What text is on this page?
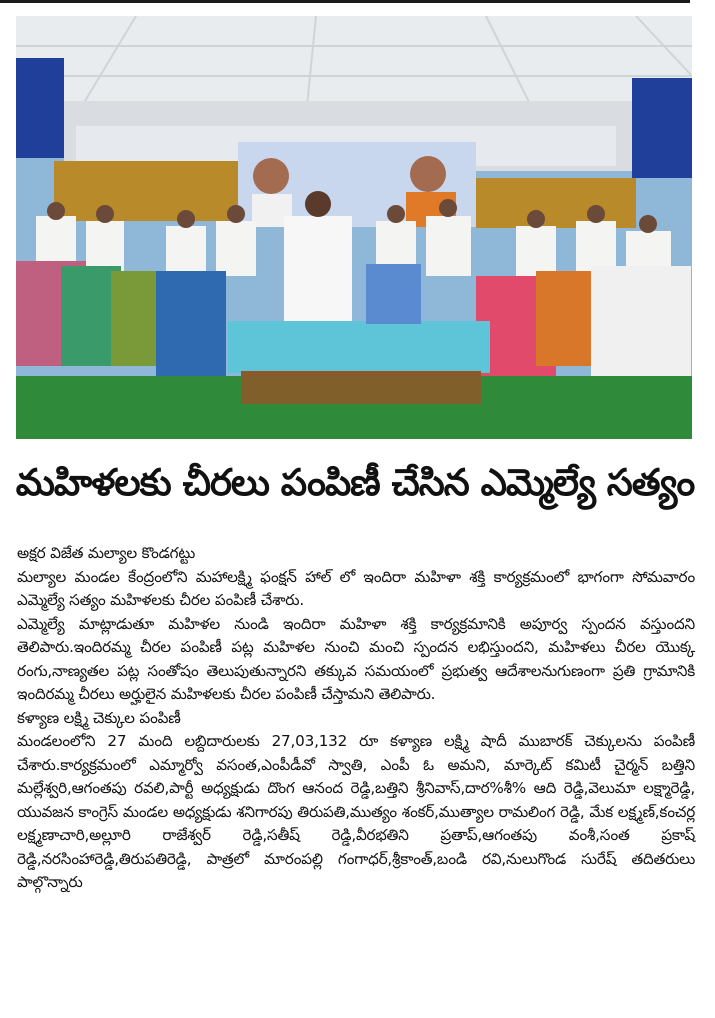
మహిళలకు చీరలు పంపిణీ చేసిన ఎమ్మెల్యే సత్యం

అక్షర విజేత మల్యాల కొండగట్టు

మల్యాల మండల కేంద్రంలోని మహాలక్ష్మి ఫంక్షన్ హాల్ లో ఇందిరా మహిళా శక్తి కార్యక్రమంలో భాగంగా సోమవారం ఎమ్మెల్యే సత్యం మహిళలకు చీరల పంపిణీ చేశారు.

ఎమ్మెల్యే మాట్లాడుతూ మహిళల నుండి ఇందిరా మహిళా శక్తి కార్యక్రమానికి అపూర్వ స్పందన వస్తుందని తెలిపారు.ఇందిరమ్మ చీరల పంపిణీ పట్ల మహిళల నుంచి మంచి స్పందన లభిస్తుందని, మహిళలు చీరల యొక్క రంగు,నాణ్యతల పట్ల సంతోషం తెలుపుతున్నారని తక్కువ సమయంలో ప్రభుత్వ ఆదేశాలనుగుణంగా ప్రతి గ్రామానికి ఇందిరమ్మ చీరలు అర్హులైన మహిళలకు చీరల పంపిణీ చేస్తామని తెలిపారు.

కళ్యాణ లక్ష్మి చెక్కుల పంపిణీ

మండలంలోని 27 మంది లబ్దిదారులకు 27,03,132 రూ కళ్యాణ లక్ష్మి షాదీ ముబారక్ చెక్కులను పంపిణీ చేశారు.కార్యక్రమంలో ఎమ్మార్వో వసంత,ఎంపీడీవో స్వాతి, ఎంపీ ఓ అమని, మార్కెట్ కమిటీ చైర్మన్ బత్తిని మల్లేశ్వరి,ఆగంతపు రవలి,పార్టీ అధ్యక్షుడు దొంగ ఆనంద రెడ్డి,బత్తిని శ్రీనివాస్,దార%శీ% ఆది రెడ్డి,వెలుమా లక్ష్మారెడ్డి, యువజన కాంగ్రెస్ మండల అధ్యక్షుడు శనిగారపు తిరుపతి,ముత్యం శంకర్,ముత్యాల రామలింగ రెడ్డి, మేక లక్ష్మణ్,కంచర్ల లక్ష్మణాచారి,అల్లూరి రాజేశ్వర్ రెడ్డి,సతీష్ రెడ్డి,వీరభతిని ప్రతాప్,ఆగంతపు వంశీ,సంత ప్రకాష్ రెడ్డి,నరసింహారెడ్డి,తిరుపతిరెడ్డి, పాత్రలో మారంపల్లి గంగాధర్,శ్రీకాంత్,బండి రవి,నులుగొండ సురేష్ తదితరులు పాల్గొన్నారు
